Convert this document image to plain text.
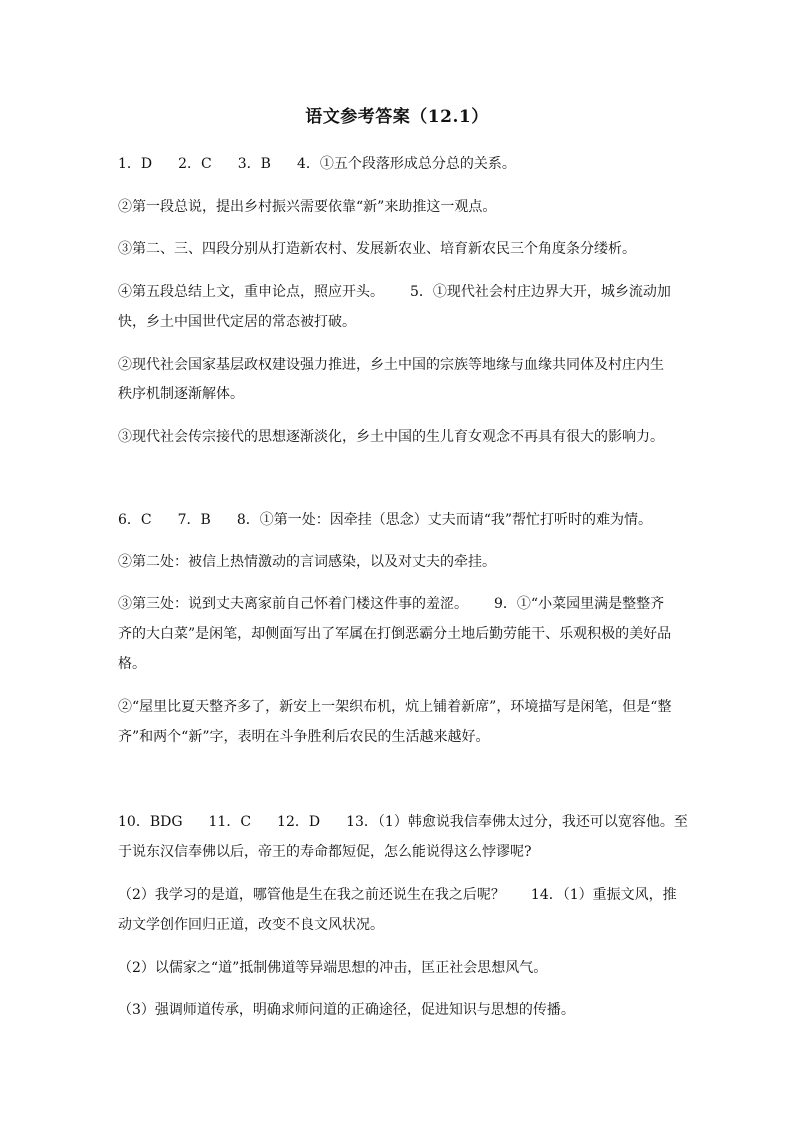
语文参考答案（12.1）
1．D 2．C 3．B 4．①五个段落形成总分总的关系。
②第一段总说，提出乡村振兴需要依靠“新”来助推这一观点。
③第二、三、四段分别从打造新农村、发展新农业、培育新农民三个角度条分缕析。
④第五段总结上文，重申论点，照应开头。 5．①现代社会村庄边界大开，城乡流动加
快，乡土中国世代定居的常态被打破。
②现代社会国家基层政权建设强力推进，乡土中国的宗族等地缘与血缘共同体及村庄内生
秩序机制逐渐解体。
③现代社会传宗接代的思想逐渐淡化，乡土中国的生儿育女观念不再具有很大的影响力。
6．C 7．B 8．①第一处：因牵挂（思念）丈夫而请“我”帮忙打听时的难为情。
②第二处：被信上热情激动的言词感染，以及对丈夫的牵挂。
③第三处：说到丈夫离家前自己怀着门楼这件事的羞涩。 9．①“小菜园里满是整整齐
齐的大白菜”是闲笔，却侧面写出了军属在打倒恶霸分土地后勤劳能干、乐观积极的美好品
格。
②“屋里比夏天整齐多了，新安上一架织布机，炕上铺着新席”，环境描写是闲笔，但是“整
齐”和两个“新”字，表明在斗争胜利后农民的生活越来越好。
10．BDG 11．C 12．D 13．（1）韩愈说我信奉佛太过分，我还可以宽容他。至
于说东汉信奉佛以后，帝王的寿命都短促，怎么能说得这么悖谬呢?
（2）我学习的是道，哪管他是生在我之前还说生在我之后呢？ 14．（1）重振文风，推
动文学创作回归正道，改变不良文风状况。
（2）以儒家之“道”抵制佛道等异端思想的冲击，匡正社会思想风气。
（3）强调师道传承，明确求师问道的正确途径，促进知识与思想的传播。
